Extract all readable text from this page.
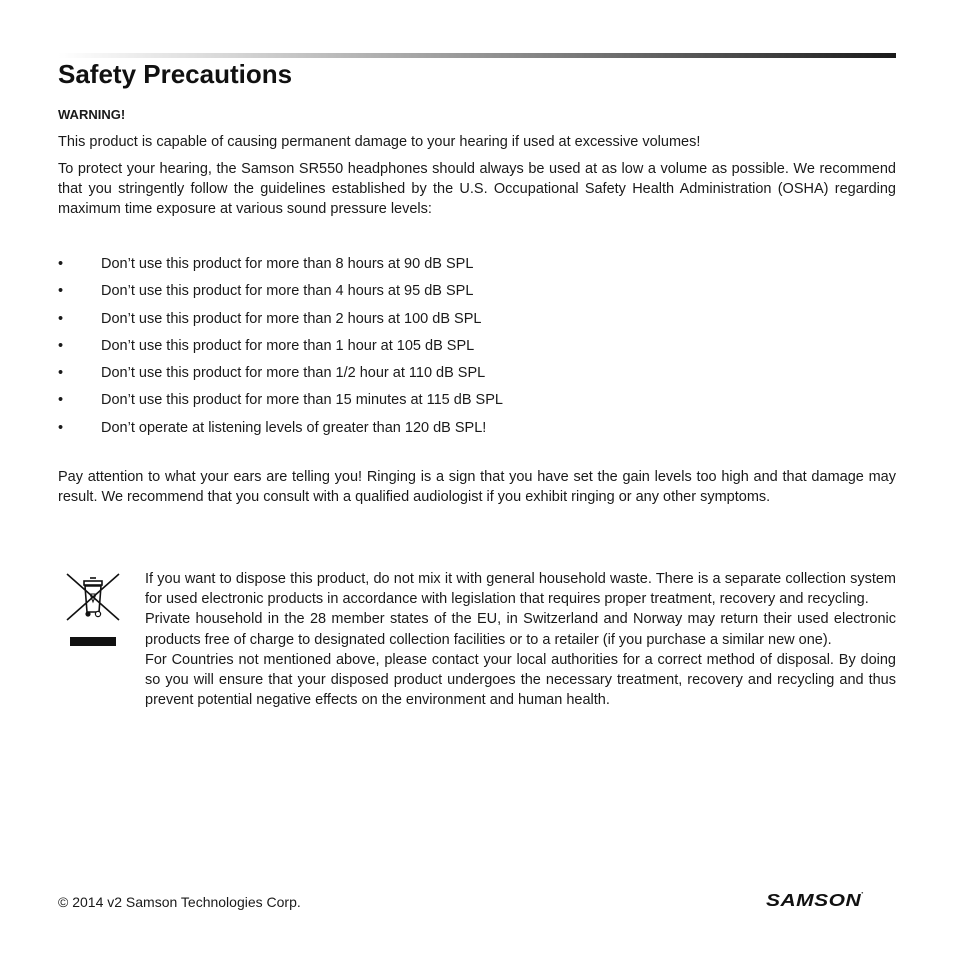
Safety Precautions
WARNING!

This product is capable of causing permanent damage to your hearing if used at excessive volumes!

To protect your hearing, the Samson SR550 headphones should always be used at as low a volume as possible. We recommend that you stringently follow the guidelines established by the U.S. Occupational Safety Health Administration (OSHA) regarding maximum time exposure at various sound pressure levels:

•	Don’t use this product for more than 8 hours at 90 dB SPL
•	Don’t use this product for more than 4 hours at 95 dB SPL
•	Don’t use this product for more than 2 hours at 100 dB SPL
•	Don’t use this product for more than 1 hour at 105 dB SPL
•	Don’t use this product for more than 1/2 hour at 110 dB SPL
•	Don’t use this product for more than 15 minutes at 115 dB SPL
•	Don’t operate at listening levels of greater than 120 dB SPL!

Pay attention to what your ears are telling you! Ringing is a sign that you have set the gain levels too high and that damage may result. We recommend that you consult with a qualified audiologist if you exhibit ringing or any other symptoms.

If you want to dispose this product, do not mix it with general household waste. There is a separate collection system for used electronic products in accordance with legislation that requires proper treatment, recovery and recycling.

Private household in the 28 member states of the EU, in Switzerland and Norway may return their used electronic products free of charge to designated collection facilities or to a retailer (if you purchase a similar new one).

For Countries not mentioned above, please contact your local authorities for a correct method of disposal. By doing so you will ensure that your disposed product undergoes the necessary treatment, recovery and recycling and thus prevent potential negative effects on the environment and human health.

© 2014 v2 Samson Technologies Corp.	SAMSON•
